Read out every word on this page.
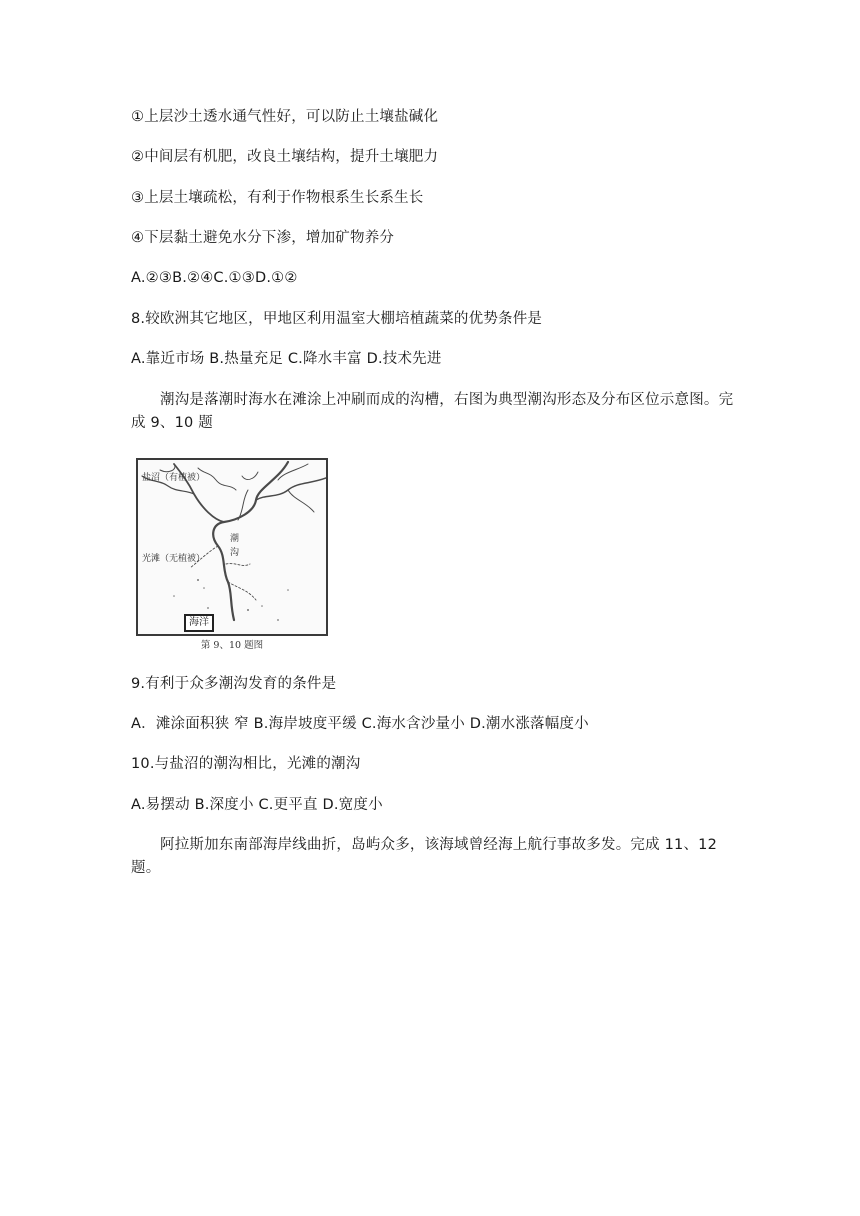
①上层沙土透水通气性好，可以防止土壤盐碱化
②中间层有机肥，改良土壤结构，提升土壤肥力
③上层土壤疏松，有利于作物根系生长系生长
④下层黏土避免水分下渗，增加矿物养分
A.②③B.②④C.①③D.①②
8.较欧洲其它地区，甲地区利用温室大棚培植蔬菜的优势条件是
A.靠近市场 B.热量充足 C.降水丰富 D.技术先进
潮沟是落潮时海水在滩涂上冲刷而成的沟槽，右图为典型潮沟形态及分布区位示意图。完成 9、10 题
盐沼（有植被）
光滩（无植被）
潮沟
海洋
第 9、10 题图
9.有利于众多潮沟发育的条件是
A．滩涂面积狭 窄 B.海岸坡度平缓 C.海水含沙量小 D.潮水涨落幅度小
10.与盐沼的潮沟相比，光滩的潮沟
A.易摆动 B.深度小 C.更平直 D.宽度小
阿拉斯加东南部海岸线曲折，岛屿众多，该海域曾经海上航行事故多发。完成 11、12 题。
